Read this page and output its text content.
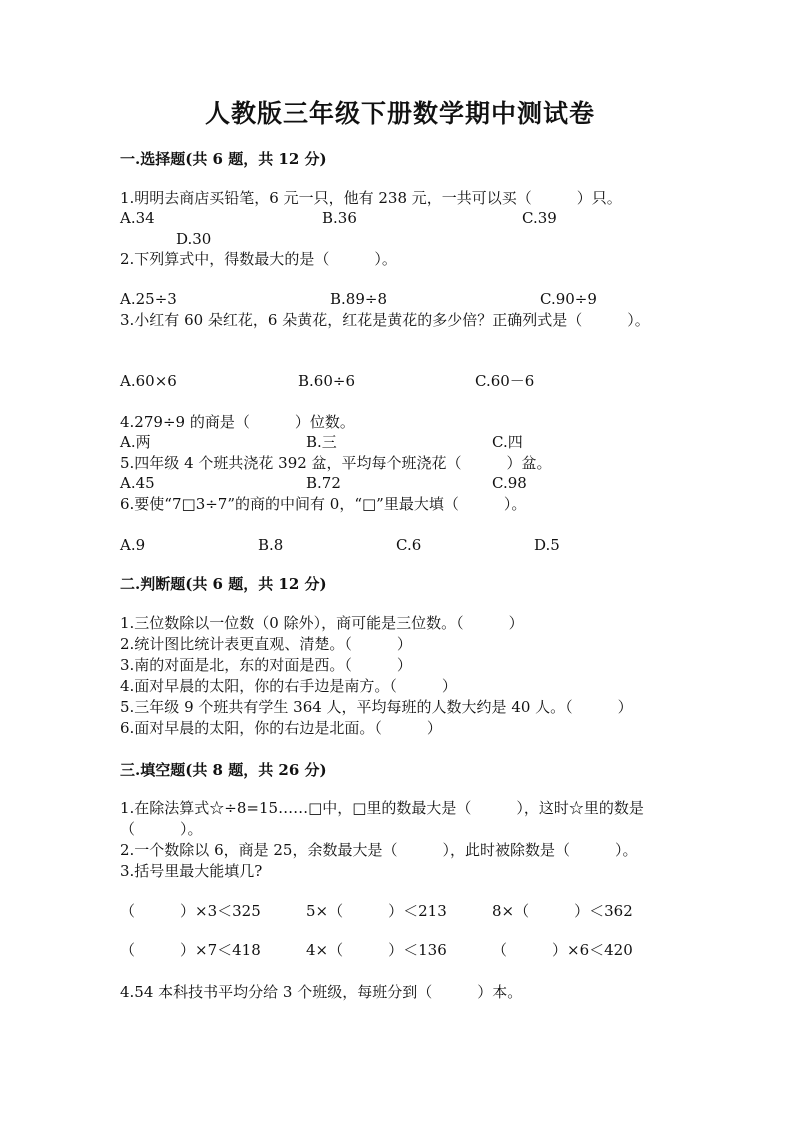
人教版三年级下册数学期中测试卷
一.选择题(共 6 题，共 12 分)
1.明明去商店买铅笔，6 元一只，他有 238 元，一共可以买（　　　）只。
A.34	B.36	C.39
D.30
2.下列算式中，得数最大的是（　　　）。
A.25÷3	B.89÷8	C.90÷9
3.小红有 60 朵红花，6 朵黄花，红花是黄花的多少倍？正确列式是（　　　）。
A.60×6	B.60÷6	C.60－6
4.279÷9 的商是（　　　）位数。
A.两	B.三	C.四
5.四年级 4 个班共浇花 392 盆，平均每个班浇花（　　　）盆。
A.45	B.72	C.98
6.要使“7□3÷7”的商的中间有 0，“□”里最大填（　　　）。
A.9	B.8	C.6	D.5
二.判断题(共 6 题，共 12 分)
1.三位数除以一位数（0 除外），商可能是三位数。（　　　）
2.统计图比统计表更直观、清楚。（　　　）
3.南的对面是北，东的对面是西。（　　　）
4.面对早晨的太阳，你的右手边是南方。（　　　）
5.三年级 9 个班共有学生 364 人，平均每班的人数大约是 40 人。（　　　）
6.面对早晨的太阳，你的右边是北面。（　　　）
三.填空题(共 8 题，共 26 分)
1.在除法算式☆÷8=15……□中，□里的数最大是（　　　），这时☆里的数是
（　　　）。
2.一个数除以 6，商是 25，余数最大是（　　　），此时被除数是（　　　）。
3.括号里最大能填几?
（　　　）×3＜325	5×（　　　）＜213	8×（　　　）＜362
（　　　）×7＜418	4×（　　　）＜136	（　　　）×6＜420
4.54 本科技书平均分给 3 个班级，每班分到（　　　）本。
